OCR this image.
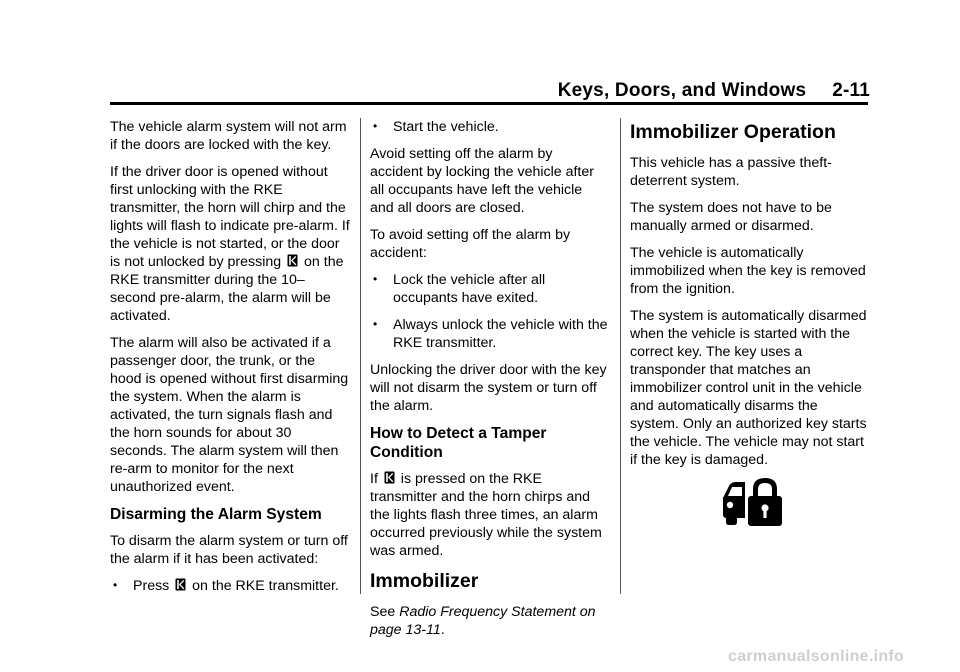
Keys, Doors, and Windows 2-11

The vehicle alarm system will not arm if the doors are locked with the key.

If the driver door is opened without first unlocking with the RKE transmitter, the horn will chirp and the lights will flash to indicate pre-alarm. If the vehicle is not started, or the door is not unlocked by pressing on the RKE transmitter during the 10–second pre-alarm, the alarm will be activated.

The alarm will also be activated if a passenger door, the trunk, or the hood is opened without first disarming the system. When the alarm is activated, the turn signals flash and the horn sounds for about 30 seconds. The alarm system will then re-arm to monitor for the next unauthorized event.

Disarming the Alarm System

To disarm the alarm system or turn off the alarm if it has been activated:

• Press on the RKE transmitter.
• Start the vehicle.

Avoid setting off the alarm by accident by locking the vehicle after all occupants have left the vehicle and all doors are closed.

To avoid setting off the alarm by accident:

• Lock the vehicle after all occupants have exited.
• Always unlock the vehicle with the RKE transmitter.

Unlocking the driver door with the key will not disarm the system or turn off the alarm.

How to Detect a Tamper Condition

If is pressed on the RKE transmitter and the horn chirps and the lights flash three times, an alarm occurred previously while the system was armed.

Immobilizer

See Radio Frequency Statement on page 13-11.

Immobilizer Operation

This vehicle has a passive theft-deterrent system.

The system does not have to be manually armed or disarmed.

The vehicle is automatically immobilized when the key is removed from the ignition.

The system is automatically disarmed when the vehicle is started with the correct key. The key uses a transponder that matches an immobilizer control unit in the vehicle and automatically disarms the system. Only an authorized key starts the vehicle. The vehicle may not start if the key is damaged.

carmanualsonline.info
